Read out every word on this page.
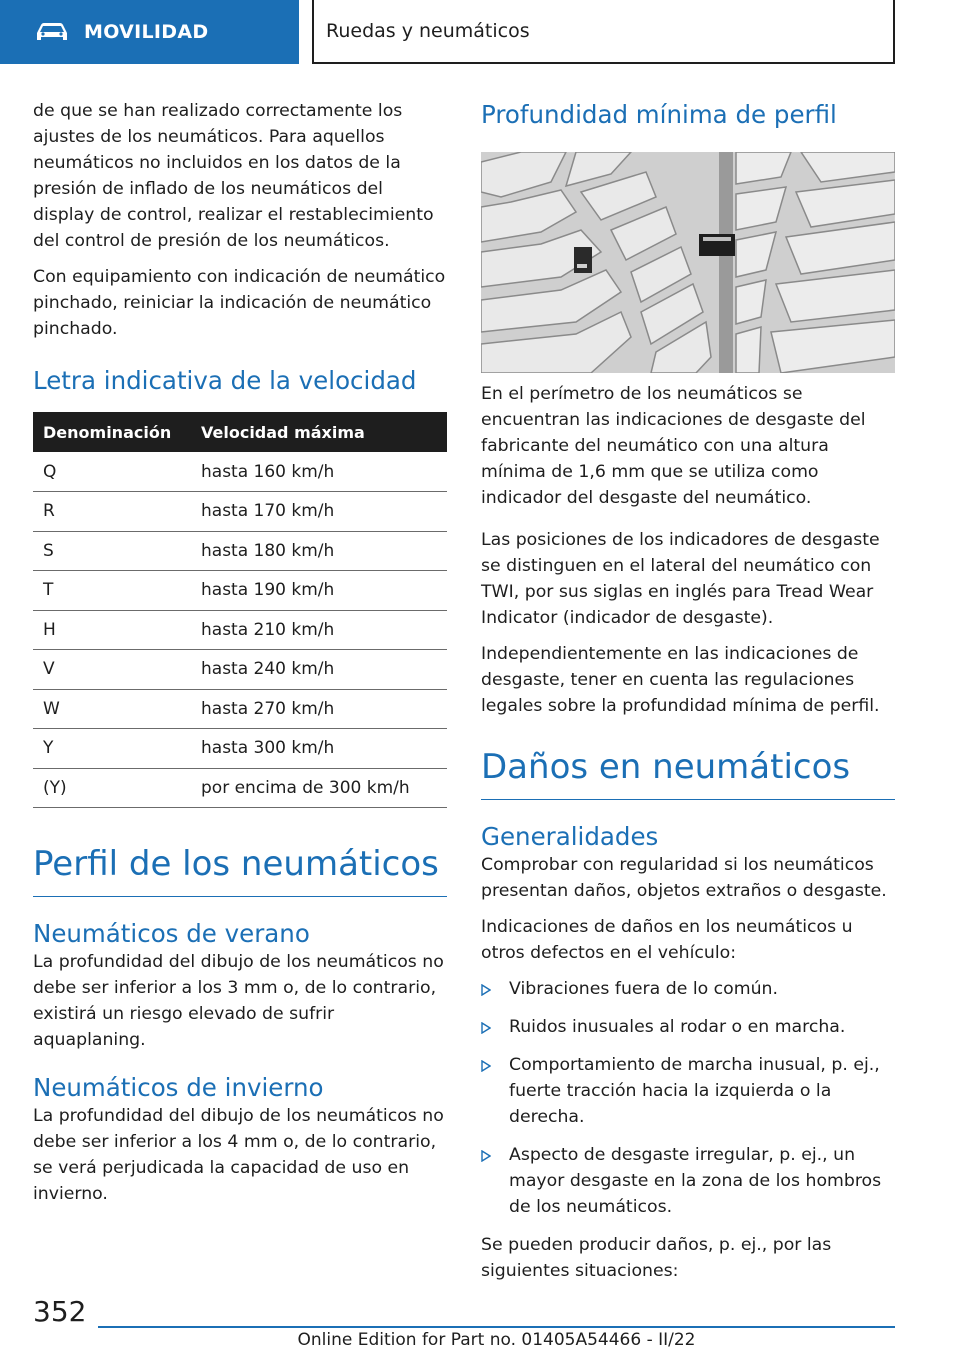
MOVILIDAD	Ruedas y neumáticos

de que se han realizado correctamente los ajustes de los neumáticos. Para aquellos neumáticos no incluidos en los datos de la presión de inflado de los neumáticos del display de control, realizar el restablecimiento del control de presión de los neumáticos.

Con equipamiento con indicación de neumático pinchado, reiniciar la indicación de neumático pinchado.

Letra indicativa de la velocidad
Denominación	Velocidad máxima
Q	hasta 160 km/h
R	hasta 170 km/h
S	hasta 180 km/h
T	hasta 190 km/h
H	hasta 210 km/h
V	hasta 240 km/h
W	hasta 270 km/h
Y	hasta 300 km/h
(Y)	por encima de 300 km/h
Perfil de los neumáticos
Neumáticos de verano

La profundidad del dibujo de los neumáticos no debe ser inferior a los 3 mm o, de lo contrario, existirá un riesgo elevado de sufrir aquaplaning.

Neumáticos de invierno

La profundidad del dibujo de los neumáticos no debe ser inferior a los 4 mm o, de lo contrario, se verá perjudicada la capacidad de uso en invierno.

Profundidad mínima de perfil

En el perímetro de los neumáticos se encuentran las indicaciones de desgaste del fabricante del neumático con una altura mínima de 1,6 mm que se utiliza como indicador del desgaste del neumático.

Las posiciones de los indicadores de desgaste se distinguen en el lateral del neumático con TWI, por sus siglas en inglés para Tread Wear Indicator (indicador de desgaste).

Independientemente en las indicaciones de desgaste, tener en cuenta las regulaciones legales sobre la profundidad mínima de perfil.

Daños en neumáticos
Generalidades

Comprobar con regularidad si los neumáticos presentan daños, objetos extraños o desgaste.

Indicaciones de daños en los neumáticos u otros defectos en el vehículo:

Vibraciones fuera de lo común.
Ruidos inusuales al rodar o en marcha.
Comportamiento de marcha inusual, p. ej., fuerte tracción hacia la izquierda o la derecha.
Aspecto de desgaste irregular, p. ej., un mayor desgaste en la zona de los hombros de los neumáticos.

Se pueden producir daños, p. ej., por las siguientes situaciones:

352
Online Edition for Part no. 01405A54466 - II/22
